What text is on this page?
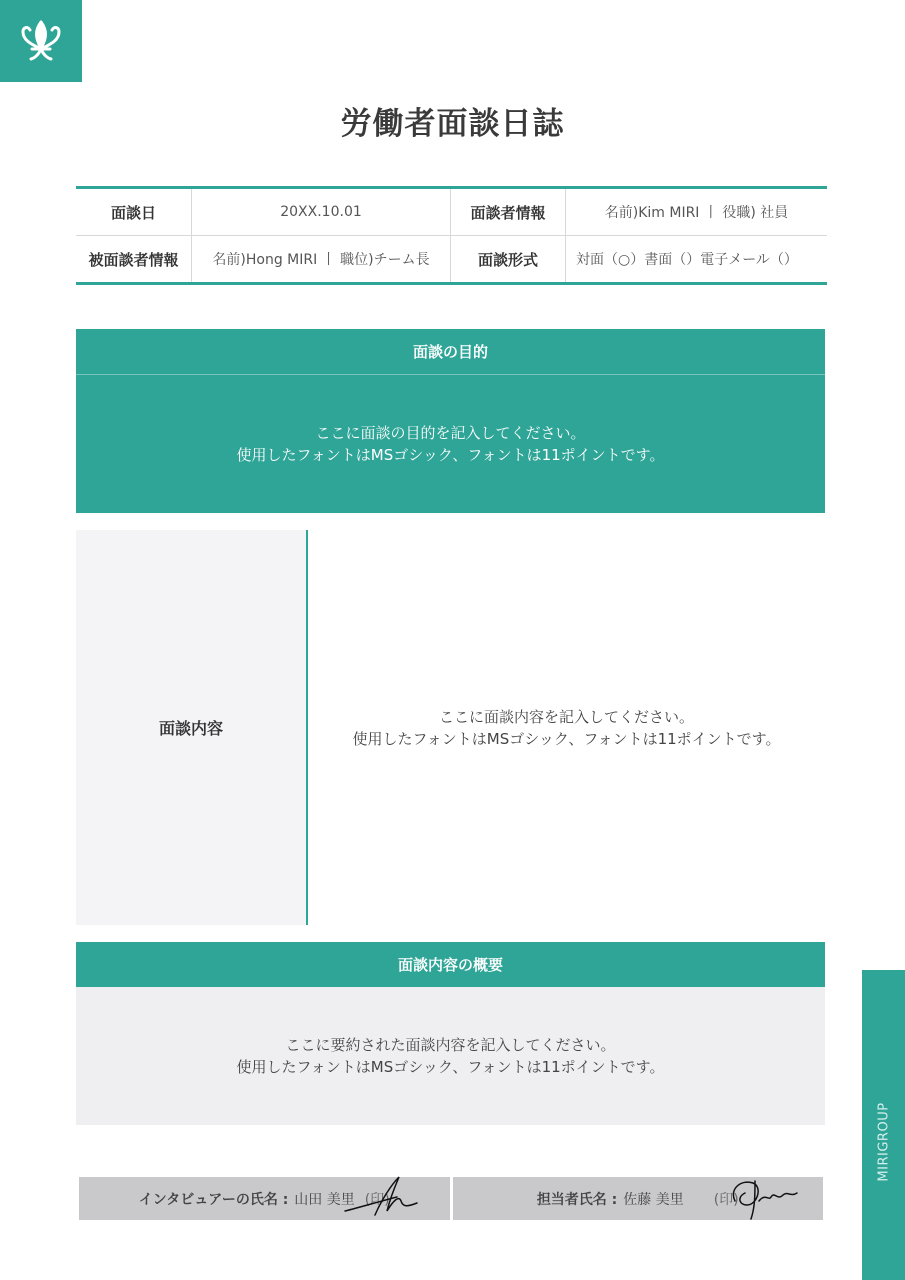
労働者面談日誌
面談日	20XX.10.01	面談者情報	名前)Kim MIRI 丨 役職) 社員
被面談者情報	名前)Hong MIRI 丨 職位)チーム長	面談形式	対面（○）書面（）電子メール（）
面談の目的
ここに面談の目的を記入してください。
使用したフォントはMSゴシック、フォントは11ポイントです。
面談内容
ここに面談内容を記入してください。
使用したフォントはMSゴシック、フォントは11ポイントです。
面談内容の概要
ここに要約された面談内容を記入してください。
使用したフォントはMSゴシック、フォントは11ポイントです。
インタビュアーの氏名 : 山田 美里 (印)	担当者氏名 : 佐藤 美里 (印)
MIRIGROUP
